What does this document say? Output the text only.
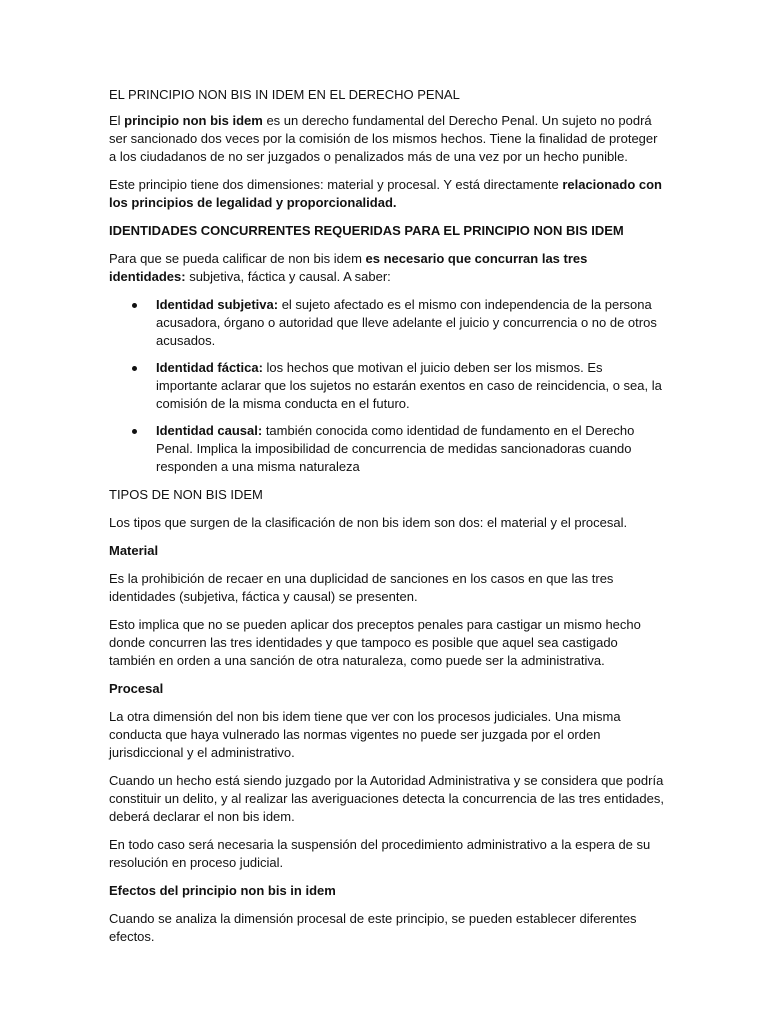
EL PRINCIPIO NON BIS IN IDEM EN EL DERECHO PENAL

El principio non bis idem es un derecho fundamental del Derecho Penal. Un sujeto no podrá ser sancionado dos veces por la comisión de los mismos hechos. Tiene la finalidad de proteger a los ciudadanos de no ser juzgados o penalizados más de una vez por un hecho punible.

Este principio tiene dos dimensiones: material y procesal. Y está directamente relacionado con los principios de legalidad y proporcionalidad.

IDENTIDADES CONCURRENTES REQUERIDAS PARA EL PRINCIPIO NON BIS IDEM

Para que se pueda calificar de non bis idem es necesario que concurran las tres identidades: subjetiva, fáctica y causal. A saber:

Identidad subjetiva: el sujeto afectado es el mismo con independencia de la persona acusadora, órgano o autoridad que lleve adelante el juicio y concurrencia o no de otros acusados.
Identidad fáctica: los hechos que motivan el juicio deben ser los mismos. Es importante aclarar que los sujetos no estarán exentos en caso de reincidencia, o sea, la comisión de la misma conducta en el futuro.
Identidad causal: también conocida como identidad de fundamento en el Derecho Penal. Implica la imposibilidad de concurrencia de medidas sancionadoras cuando responden a una misma naturaleza

TIPOS DE NON BIS IDEM

Los tipos que surgen de la clasificación de non bis idem son dos: el material y el procesal.

Material

Es la prohibición de recaer en una duplicidad de sanciones en los casos en que las tres identidades (subjetiva, fáctica y causal) se presenten.

Esto implica que no se pueden aplicar dos preceptos penales para castigar un mismo hecho donde concurren las tres identidades y que tampoco es posible que aquel sea castigado también en orden a una sanción de otra naturaleza, como puede ser la administrativa.

Procesal

La otra dimensión del non bis idem tiene que ver con los procesos judiciales. Una misma conducta que haya vulnerado las normas vigentes no puede ser juzgada por el orden jurisdiccional y el administrativo.

Cuando un hecho está siendo juzgado por la Autoridad Administrativa y se considera que podría constituir un delito, y al realizar las averiguaciones detecta la concurrencia de las tres entidades, deberá declarar el non bis idem.

En todo caso será necesaria la suspensión del procedimiento administrativo a la espera de su resolución en proceso judicial.

Efectos del principio non bis in idem

Cuando se analiza la dimensión procesal de este principio, se pueden establecer diferentes efectos.
